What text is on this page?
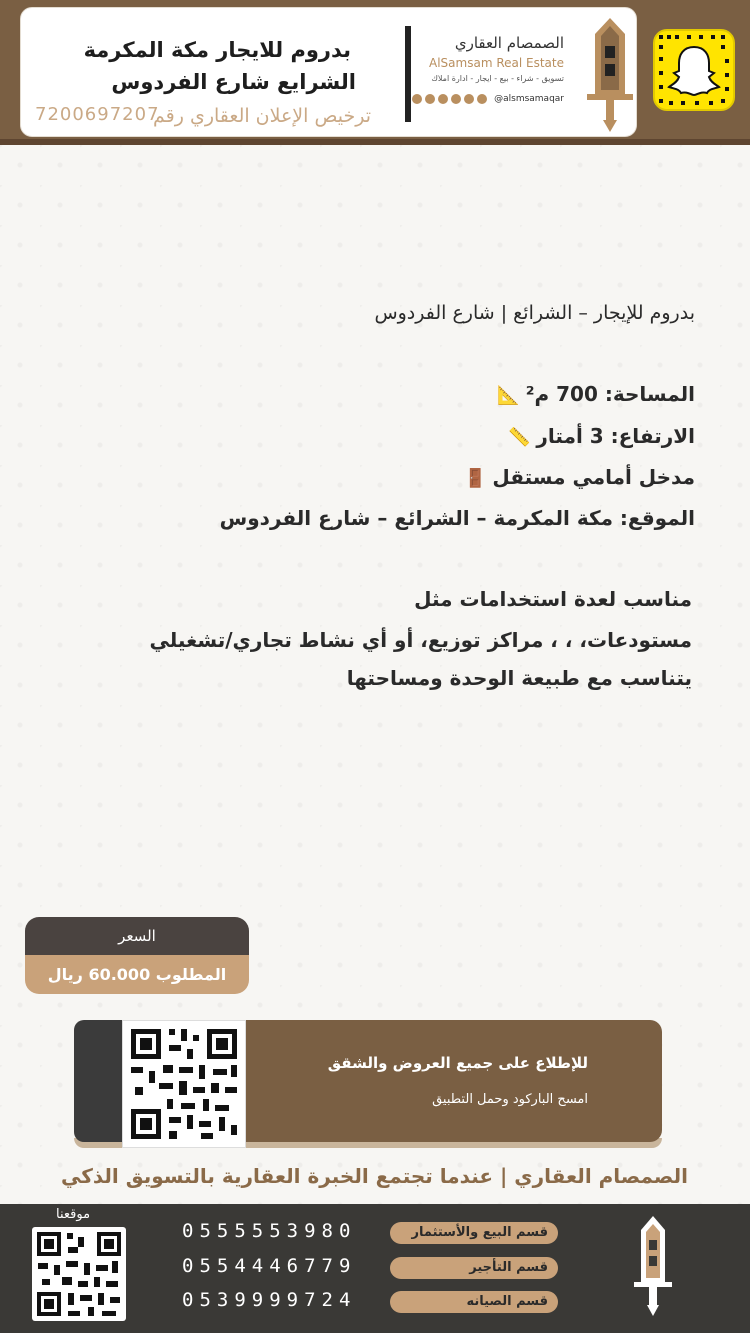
بدروم للايجار مكة المكرمة
الشرايع شارع الفردوس
ترخيص الإعلان العقاري رقم
7200697207
الصمصام العقاري
AlSamsam Real Estate
تسويق - شراء - بيع - ايجار - ادارة املاك
@alsmsamaqar
بدروم للإيجار – الشرائع | شارع الفردوس
المساحة: 700 م²📐
الارتفاع: 3 أمتار📏
مدخل أمامي مستقل🚪
الموقع: مكة المكرمة – الشرائع – شارع الفردوس
مناسب لعدة استخدامات مثل
مستودعات، ، ، مراكز توزيع، أو أي نشاط تجاري/تشغيلي
يتناسب مع طبيعة الوحدة ومساحتها
السعر
المطلوب 60.000 ريال
للإطلاع على جميع العروض والشقق
امسح الباركود وحمل التطبيق
الصمصام العقاري | عندما تجتمع الخبرة العقارية بالتسويق الذكي
موقعنا
قسم البيع والأستثمار
قسم التأجير
قسم الصيانه
0555553980
0554446779
0539999724
